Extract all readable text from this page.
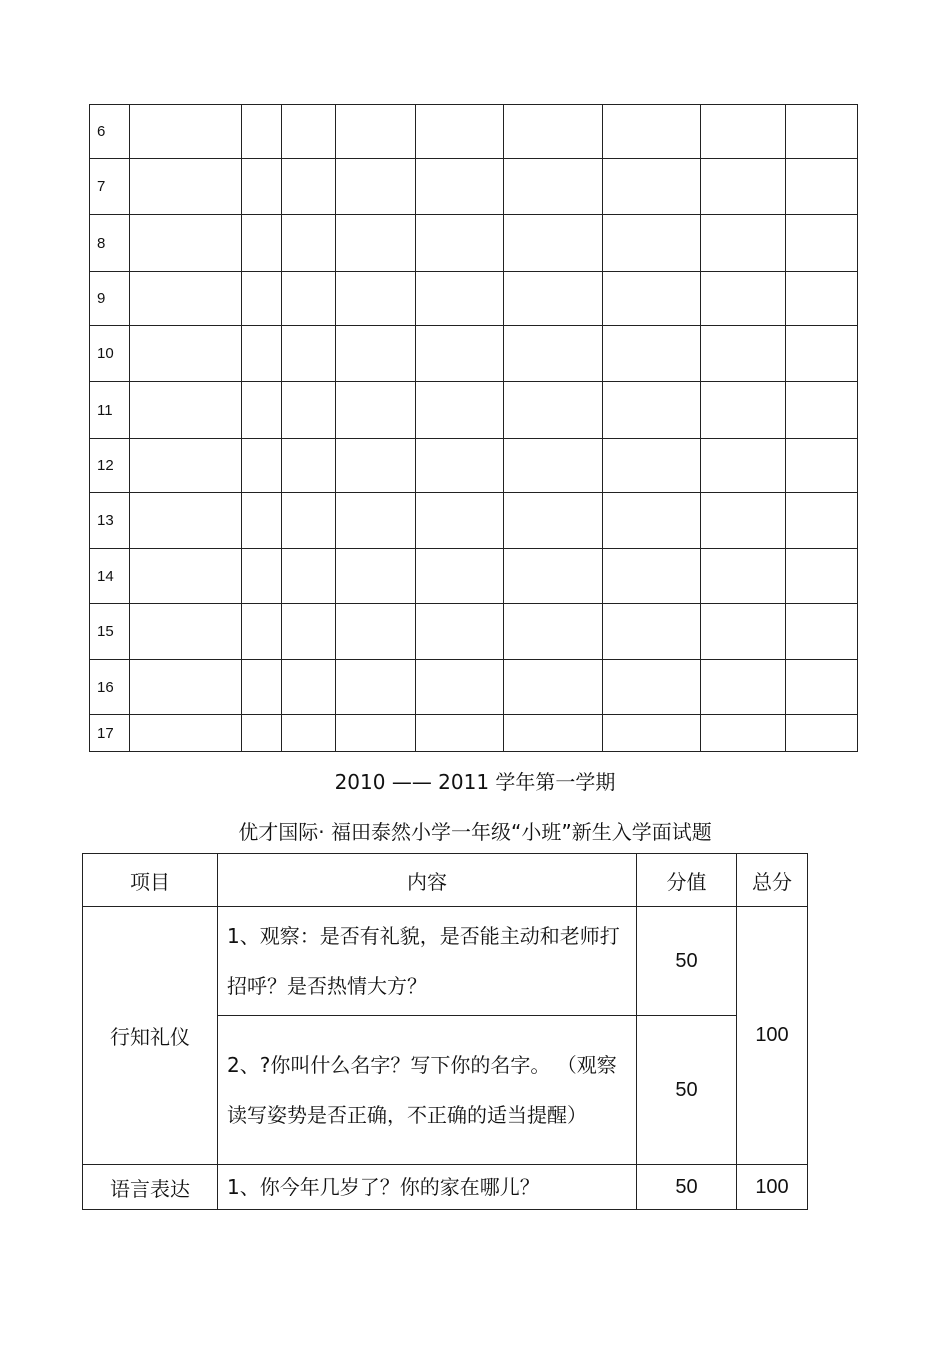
6									
7									
8									
9									
10									
11									
12									
13									
14									
15									
16									
17									
2010 —— 2011 学年第一学期
优才国际· 福田泰然小学一年级“小班”新生入学面试题
项目	内容	分值	总分
行知礼仪	1、观察：是否有礼貌，是否能主动和老师打招呼？是否热情大方？	50	100
	2、?你叫什么名字？写下你的名字。 （观察读写姿势是否正确，不正确的适当提醒）	50	
语言表达	1、你今年几岁了？你的家在哪儿？	50	100
